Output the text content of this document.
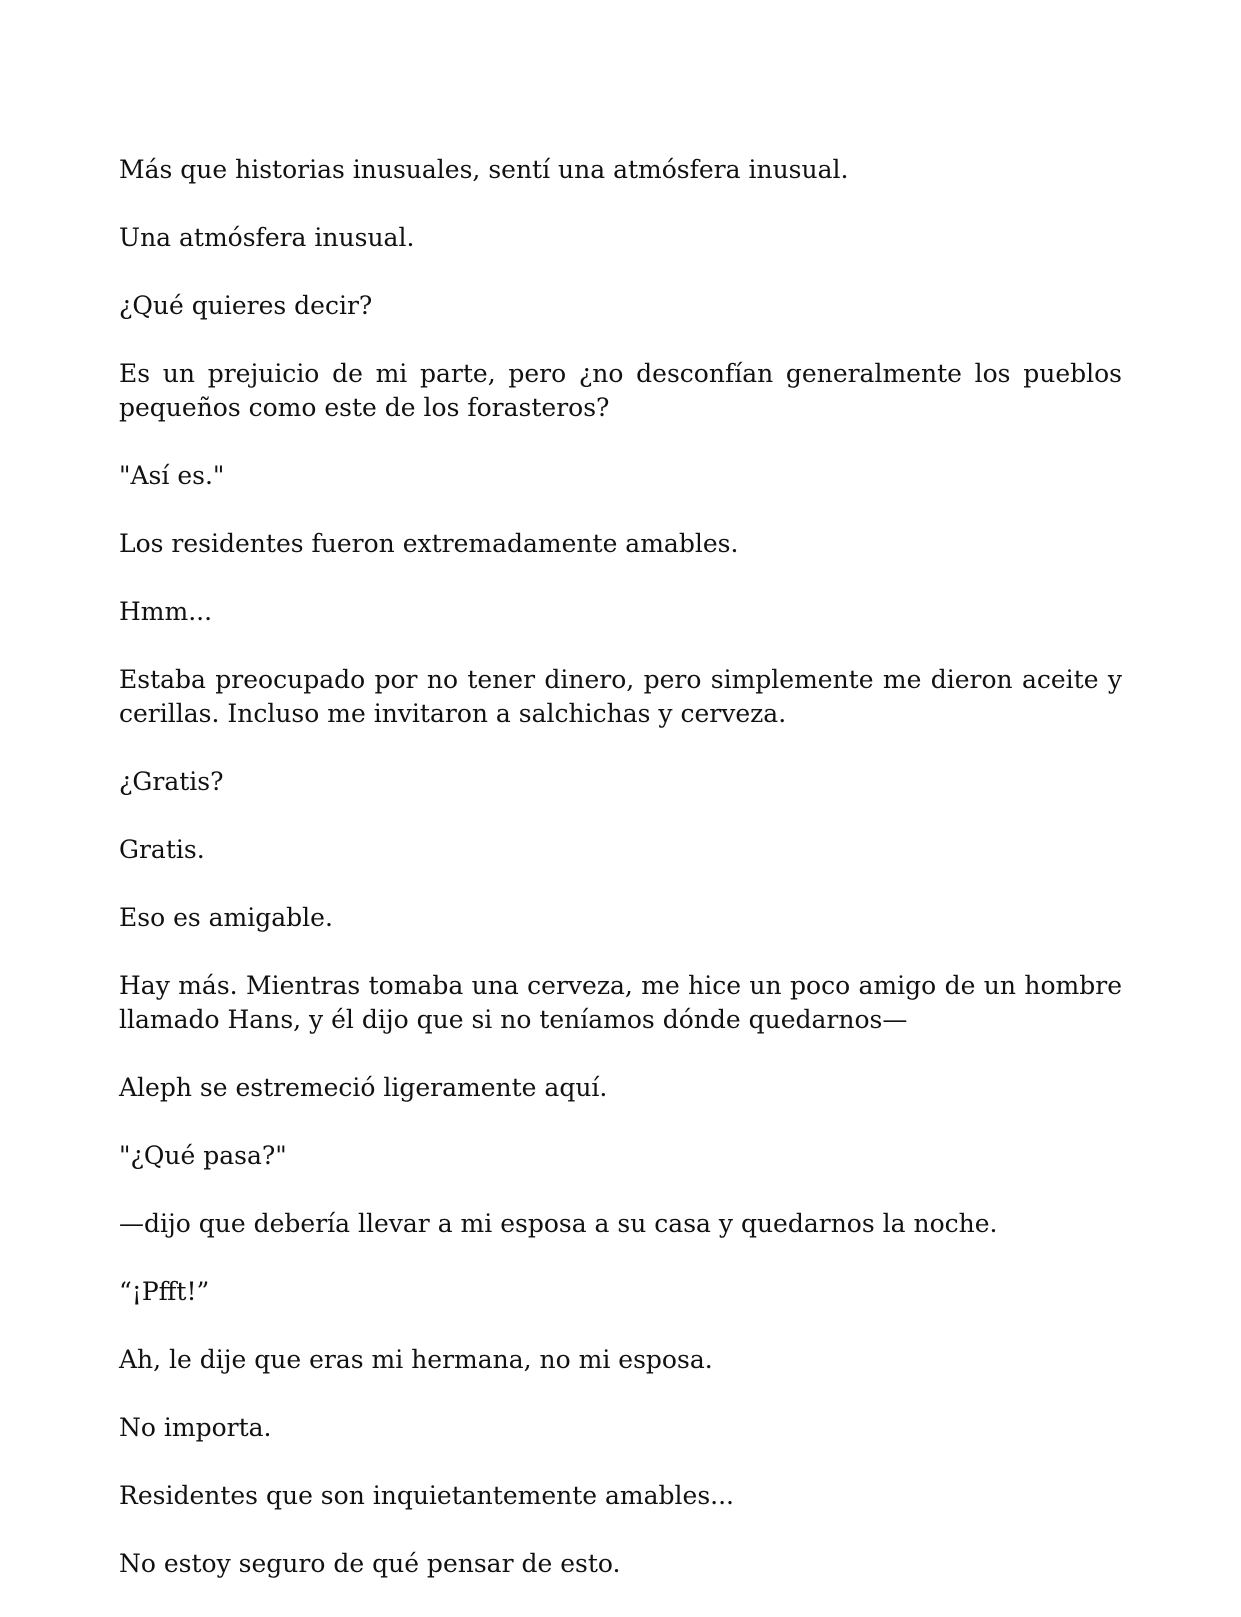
Más que historias inusuales, sentí una atmósfera inusual.

Una atmósfera inusual.

¿Qué quieres decir?

Es un prejuicio de mi parte, pero ¿no desconfían generalmente los pueblos pequeños como este de los forasteros?

"Así es."

Los residentes fueron extremadamente amables.

Hmm...

Estaba preocupado por no tener dinero, pero simplemente me dieron aceite y cerillas. Incluso me invitaron a salchichas y cerveza.

¿Gratis?

Gratis.

Eso es amigable.

Hay más. Mientras tomaba una cerveza, me hice un poco amigo de un hombre llamado Hans, y él dijo que si no teníamos dónde quedarnos—

Aleph se estremeció ligeramente aquí.

"¿Qué pasa?"

—dijo que debería llevar a mi esposa a su casa y quedarnos la noche.

“¡Pfft!”

Ah, le dije que eras mi hermana, no mi esposa.

No importa.

Residentes que son inquietantemente amables...

No estoy seguro de qué pensar de esto.
